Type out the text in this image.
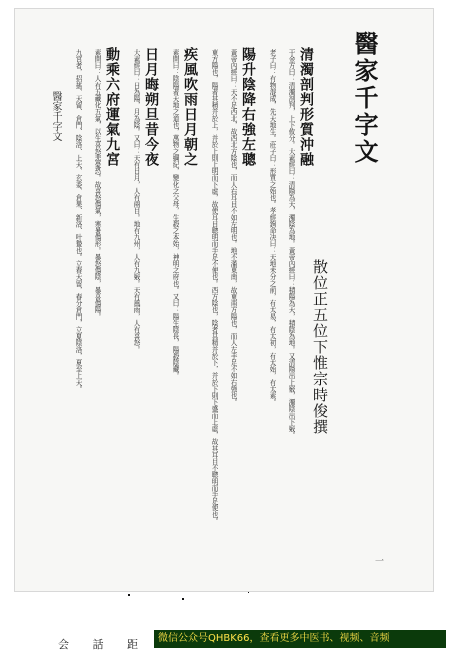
醫家千字文
散位正五位下惟宗時俊撰
清濁剖判形質沖融
干金方曰：清濁剖判，上下攸分。大素經曰：清陽為天，濁陰為地。黃帝內經曰：積陽為天，積陰為地。又清陽出上竅，濁陰出下竅。
老子曰：有物混成，先天地生。莊子曰：形質之始也。孝經鉤命决曰：天地未分之前，有太易，有太初，有太始，有太素。
陽升陰降右強左聰
黃帝內經曰：天不足西北，故西北方陰也，而人右耳目不如左明也。地不滿東南，故東南方陽也，而人左手足不如右強也。
東方陽也，陽者其精并於上，并於上則上明而下虛，故使耳目聰明而手足不便也。西方陰也，陰者其精并於下，并於下則下盛而上虛，故其耳目不聰明而手足便也。
疾風吹雨日月朝之
素問曰：陰陽者天地之道也，萬物之綱紀，變化之父母，生殺之本始，神明之府也。又曰：陽生陰長，陽殺陰藏。
日月晦朔旦昔今夜
大素經曰：日為陽，月為陰。又曰：天有日月，人有兩目。地有九州，人有九竅。天有風雨，人有喜怒。
動乘六府運氣九宮
素問曰：人有五藏化五氣，以生喜怒悲憂恐。故喜怒傷氣，寒暑傷形。暴怒傷陰，暴喜傷陽。
九宮者，招搖、天留、倉門、陰洛、上天、玄委、倉果、新洛、叶蟄也。立春天留，春分倉門，立夏陰洛，夏至上天。
醫家千字文
一
会 話 距	微信公众号QHBK66，查看更多中医书、视频、音频
